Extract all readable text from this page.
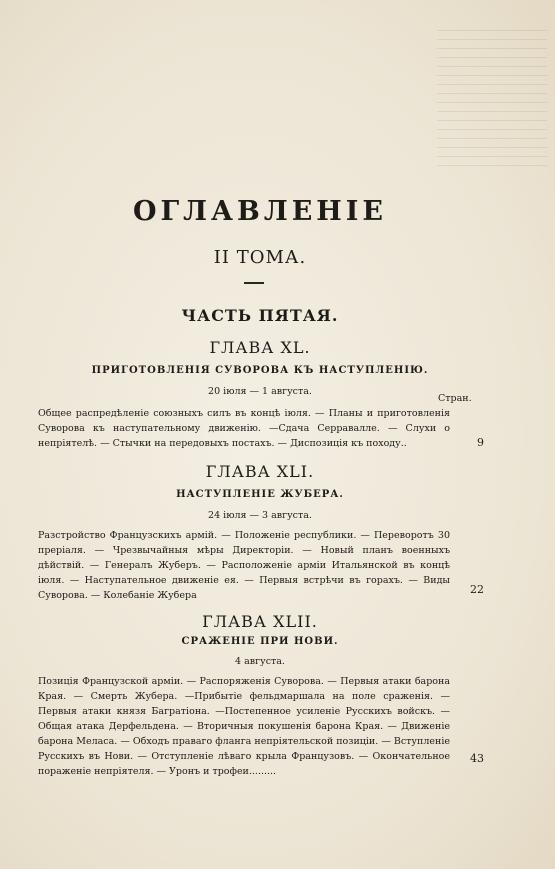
ОГЛАВЛЕНІЕ
II ТОМА.
ЧАСТЬ ПЯТАЯ.
ГЛАВА XL.
ПРИГОТОВЛЕНІЯ СУВОРОВА КЪ НАСТУПЛЕНІЮ.
20 іюля — 1 августа.
Стран.
Общее распредѣленіе союзныхъ силъ въ концѣ іюля. — Планы и приготовленія Суворова къ наступательному движенію. —Сдача Серравалле. — Слухи о непріятелѣ. — Стычки на передовыхъ постахъ. — Диспозиція къ походу..	9
ГЛАВА XLI.
НАСТУПЛЕНІЕ ЖУБЕРА.
24 іюля — 3 августа.
Разстройство Французскихъ армій. — Положеніе республики. — Переворотъ 30 преріаля. — Чрезвычайныя мѣры Директоріи. — Новый планъ военныхъ дѣйствій. — Генералъ Жуберъ. — Расположеніе арміи Итальянской въ концѣ іюля. — Наступательное движеніе ея. — Первыя встрѣчи въ горахъ. — Виды Суворова. — Колебаніе Жубера	22
ГЛАВА XLII.
СРАЖЕНІЕ ПРИ НОВИ.
4 августа.
Позиція Французской арміи. — Распоряженія Суворова. — Первыя атаки барона Края. — Смерть Жубера. —Прибытіе фельдмаршала на поле сраженія. — Первыя атаки князя Багратіона. —Постепенное усиленіе Русскихъ войскъ. — Общая атака Дерфельдена. — Вторичныя покушенія барона Края. — Движеніе барона Меласа. — Обходъ праваго фланга непріятельской позиціи. — Вступленіе Русскихъ въ Нови. — Отступленіе лѣваго крыла Французовъ. — Окончательное пораженіе непріятеля. — Уронъ и трофеи.........
43
